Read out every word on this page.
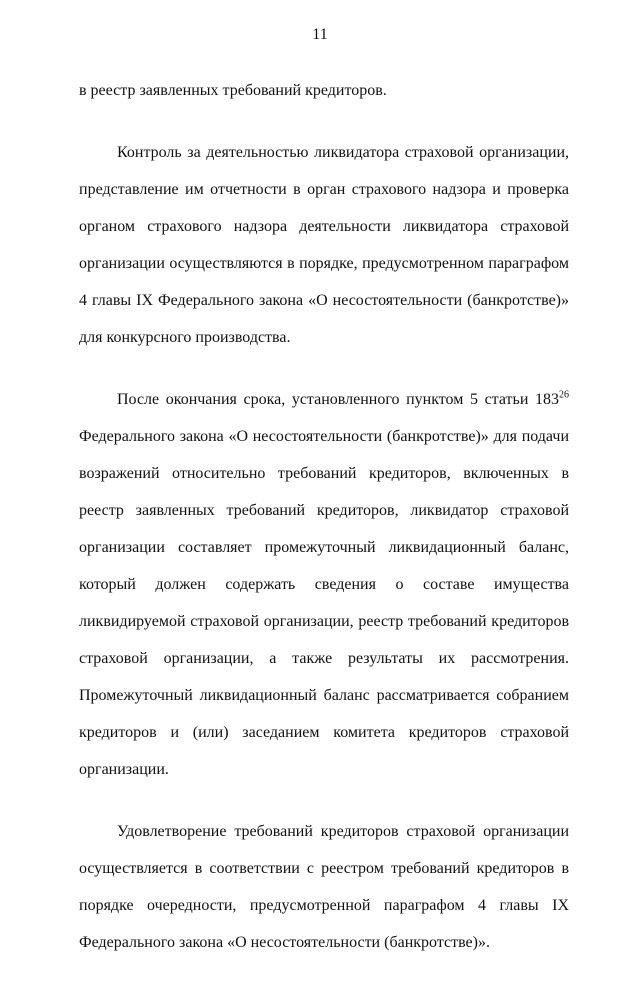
11

в реестр заявленных требований кредиторов.

Контроль за деятельностью ликвидатора страховой организации, представление им отчетности в орган страхового надзора и проверка органом страхового надзора деятельности ликвидатора страховой организации осуществляются в порядке, предусмотренном параграфом 4 главы IX Федерального закона «О несостоятельности (банкротстве)» для конкурсного производства.

После окончания срока, установленного пунктом 5 статьи $183^{26}$ Федерального закона «О несостоятельности (банкротстве)» для подачи возражений относительно требований кредиторов, включенных в реестр заявленных требований кредиторов, ликвидатор страховой организации составляет промежуточный ликвидационный баланс, который должен содержать сведения о составе имущества ликвидируемой страховой организации, реестр требований кредиторов страховой организации, а также результаты их рассмотрения. Промежуточный ликвидационный баланс рассматривается собранием кредиторов и (или) заседанием комитета кредиторов страховой организации.

Удовлетворение требований кредиторов страховой организации осуществляется в соответствии с реестром требований кредиторов в порядке очередности, предусмотренной параграфом 4 главы IX Федерального закона «О несостоятельности (банкротстве)».
